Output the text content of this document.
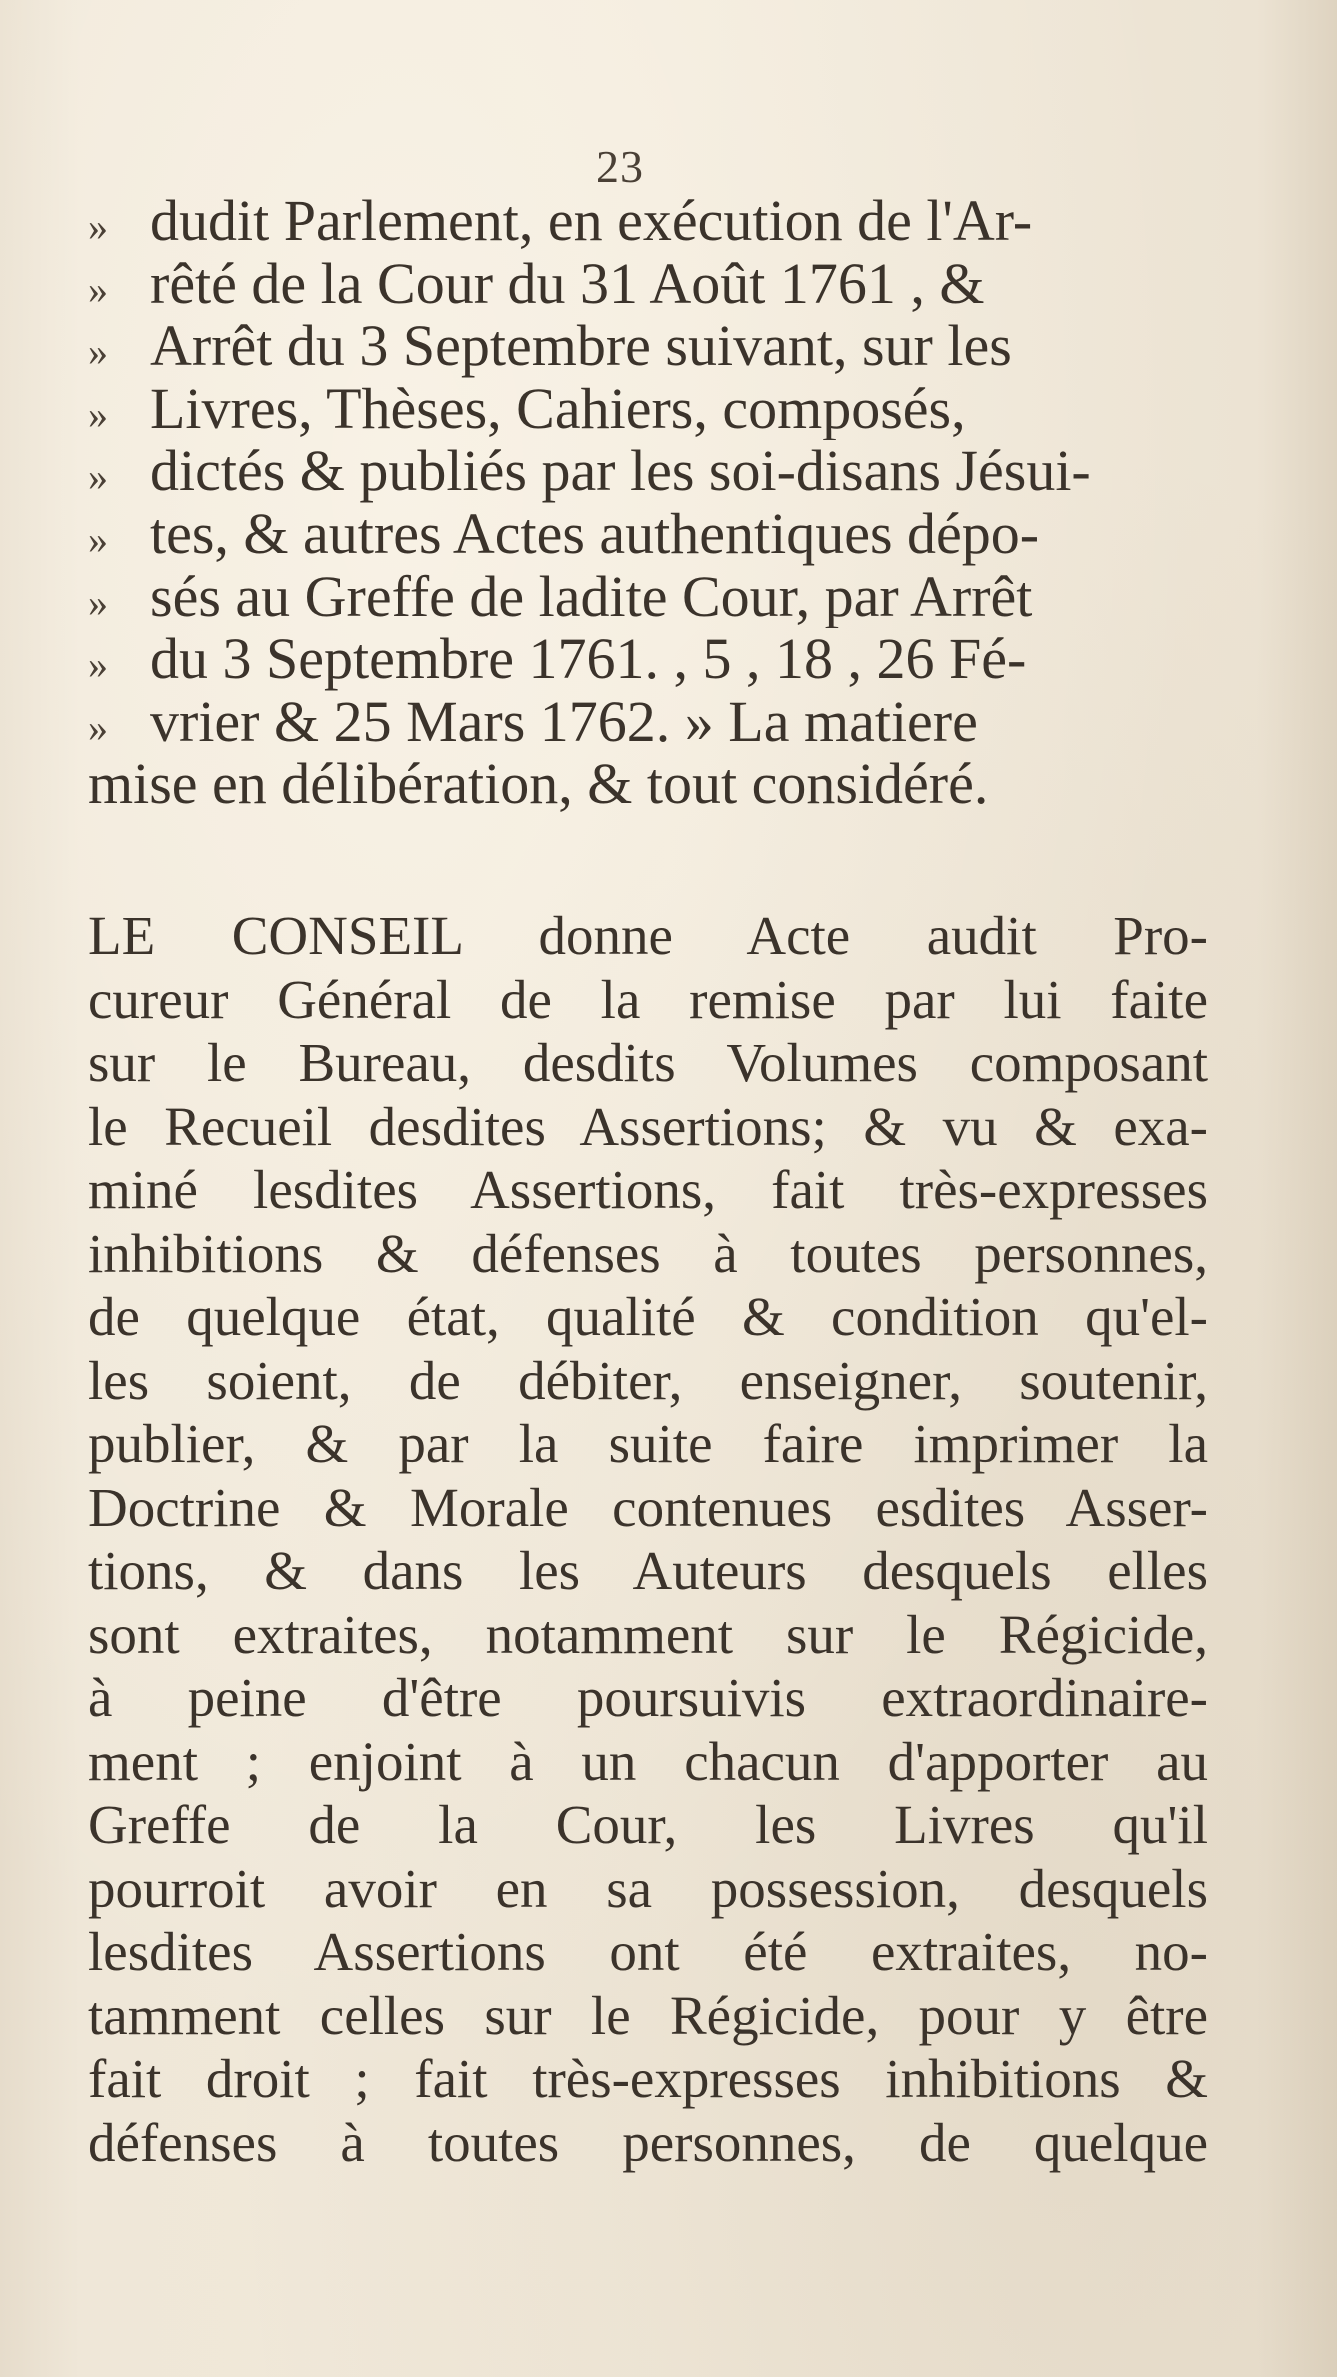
23
» dudit Parlement, en exécution de l'Ar-
» rêté de la Cour du 31 Août 1761 , &
» Arrêt du 3 Septembre suivant, sur les
» Livres, Thèses, Cahiers, composés,
» dictés & publiés par les soi-disans Jésui-
» tes, & autres Actes authentiques dépo-
» sés au Greffe de ladite Cour, par Arrêt
» du 3 Septembre 1761. , 5 , 18 , 26 Fé-
» vrier & 25 Mars 1762. » La matiere
mise en délibération, & tout considéré.
LE CONSEIL donne Acte audit Pro-
cureur Général de la remise par lui faite
sur le Bureau, desdits Volumes composant
le Recueil desdites Assertions; & vu & exa-
miné lesdites Assertions, fait très-expresses
inhibitions & défenses à toutes personnes,
de quelque état, qualité & condition qu'el-
les soient, de débiter, enseigner, soutenir,
publier, & par la suite faire imprimer la
Doctrine & Morale contenues esdites Asser-
tions, & dans les Auteurs desquels elles
sont extraites, notamment sur le Régicide,
à peine d'être poursuivis extraordinaire-
ment ; enjoint à un chacun d'apporter au
Greffe de la Cour, les Livres qu'il
pourroit avoir en sa possession, desquels
lesdites Assertions ont été extraites, no-
tamment celles sur le Régicide, pour y être
fait droit ; fait très-expresses inhibitions &
défenses à toutes personnes, de quelque
